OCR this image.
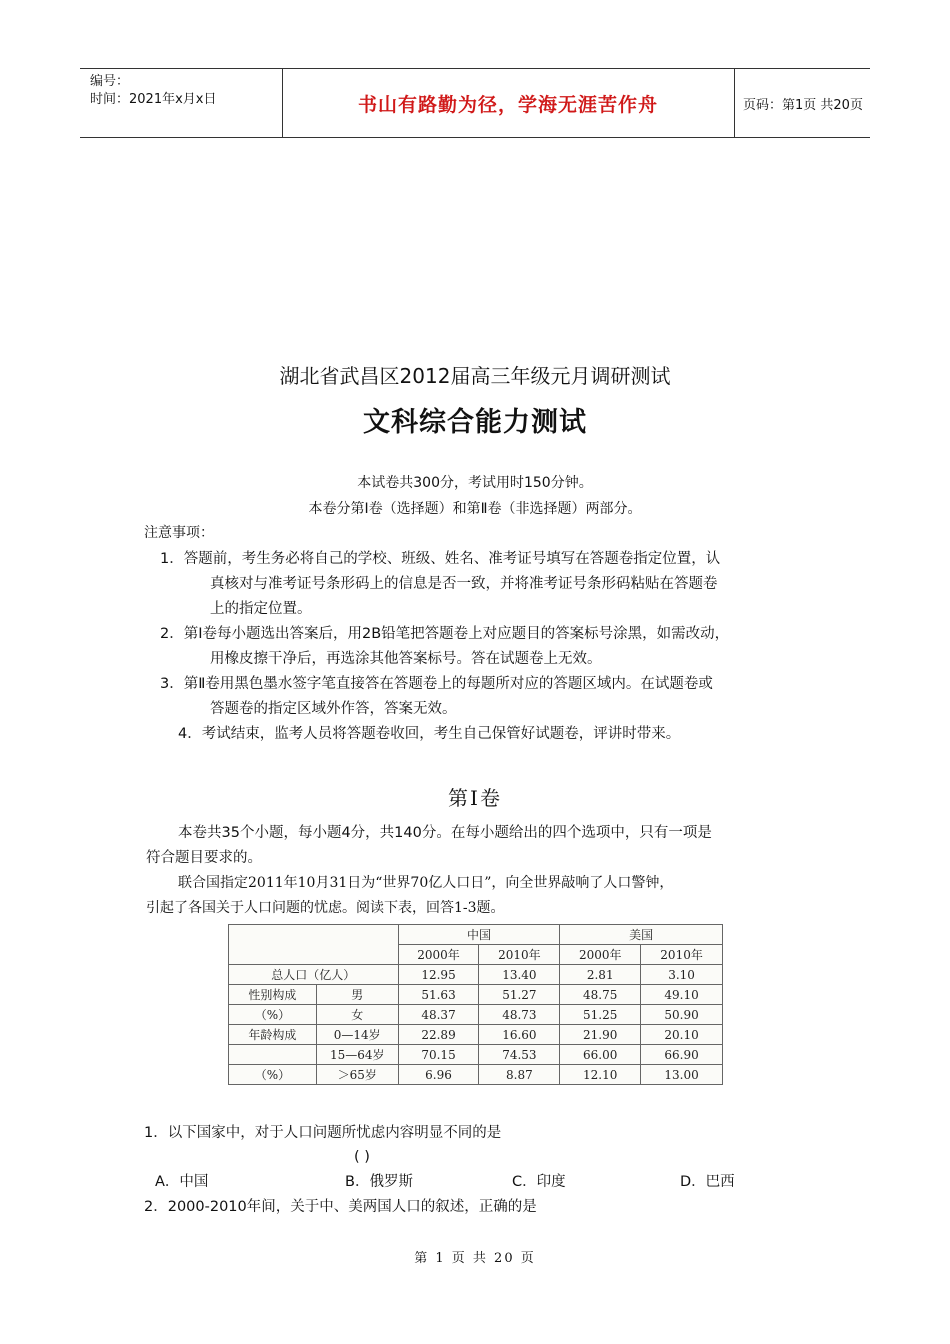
编号：
时间：2021年x月x日	书山有路勤为径，学海无涯苦作舟	页码：第1页 共20页
湖北省武昌区2012届高三年级元月调研测试
文科综合能力测试
本试卷共300分，考试用时150分钟。
本卷分第Ⅰ卷（选择题）和第Ⅱ卷（非选择题）两部分。
注意事项：
1．答题前，考生务必将自己的学校、班级、姓名、准考证号填写在答题卷指定位置，认
真核对与准考证号条形码上的信息是否一致，并将准考证号条形码粘贴在答题卷
上的指定位置。
2．第Ⅰ卷每小题选出答案后，用2B铅笔把答题卷上对应题目的答案标号涂黑，如需改动，
用橡皮擦干净后，再选涂其他答案标号。答在试题卷上无效。
3．第Ⅱ卷用黑色墨水签字笔直接答在答题卷上的每题所对应的答题区域内。在试题卷或
答题卷的指定区域外作答，答案无效。
4．考试结束，监考人员将答题卷收回，考生自己保管好试题卷，评讲时带来。
第Ⅰ卷
本卷共35个小题，每小题4分，共140分。在每小题给出的四个选项中，只有一项是
符合题目要求的。
联合国指定2011年10月31日为“世界70亿人口日”，向全世界敲响了人口警钟，
引起了各国关于人口问题的忧虑。阅读下表，回答1-3题。
		中国		美国	
		2000年	2010年	2000年	2010年
总人口（亿人）		12.95	13.40	2.81	3.10
性别构成	男	51.63	51.27	48.75	49.10
（%）	女	48.37	48.73	51.25	50.90
年龄构成	0—14岁	22.89	16.60	21.90	20.10
	15—64岁	70.15	74.53	66.00	66.90
（%）	＞65岁	6.96	8.87	12.10	13.00
1．以下国家中，对于人口问题所忧虑内容明显不同的是
( )
A．中国	B．俄罗斯	C．印度	D．巴西
2．2000-2010年间，关于中、美两国人口的叙述，正确的是
第 1 页 共 20 页
